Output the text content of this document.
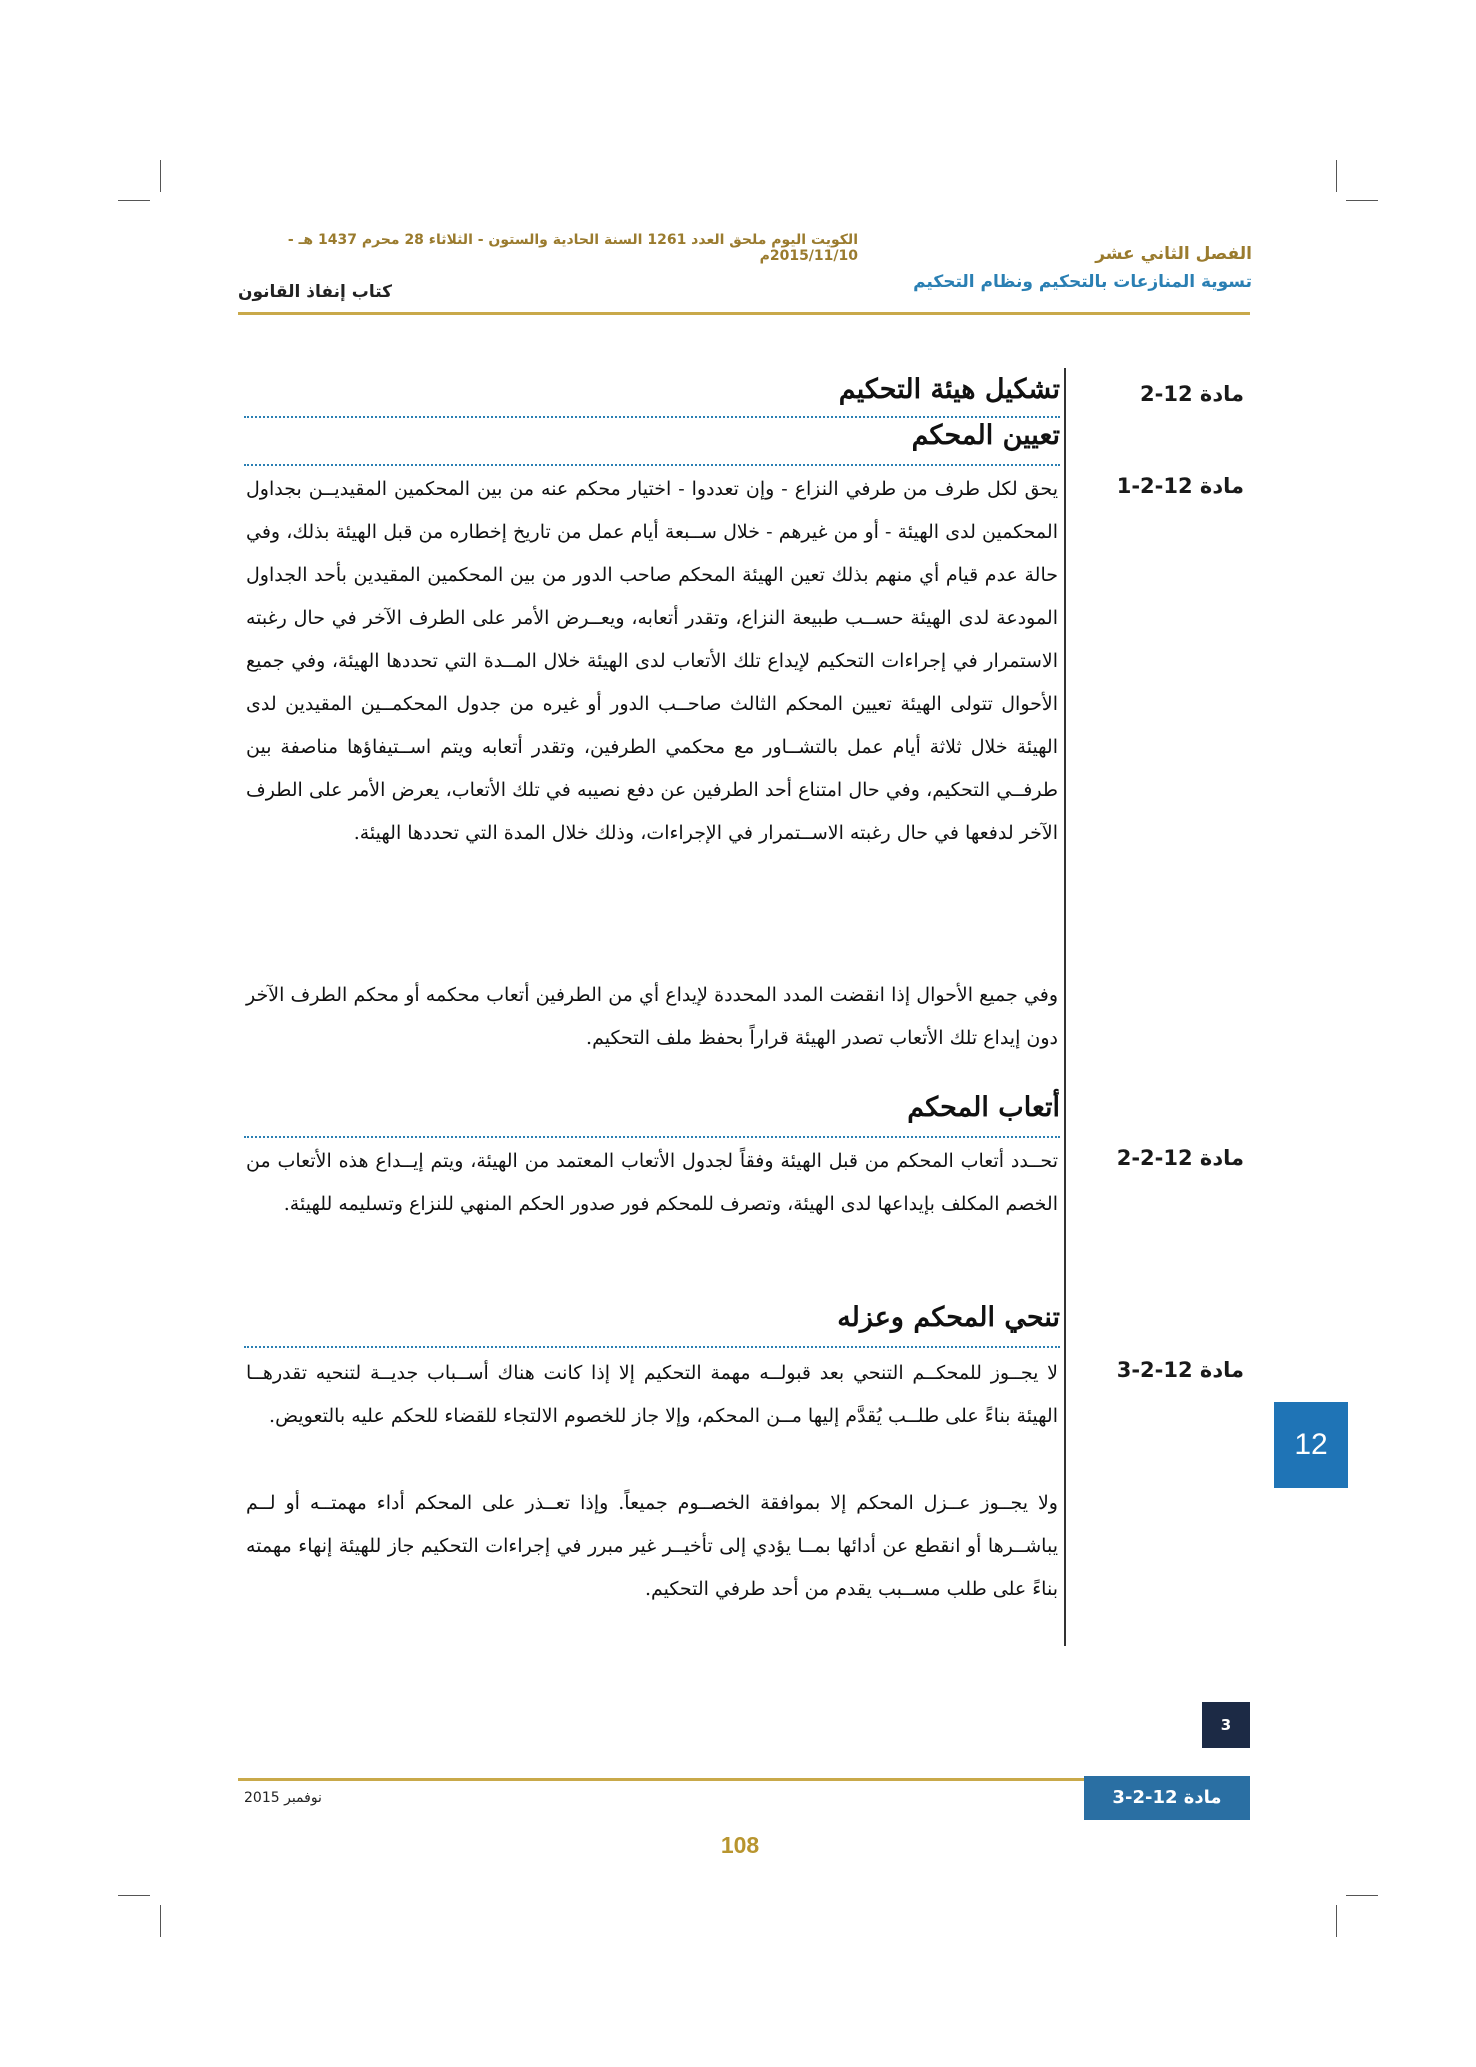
الكويت اليوم ملحق العدد 1261 السنة الحادية والستون - الثلاثاء 28 محرم 1437 هـ - 2015/11/10م	الفصل الثاني عشر
تسوية المنازعات بالتحكيم ونظام التحكيم
كتاب إنفاذ القانون
مادة 12-2
تشكيل هيئة التحكيم
تعيين المحكم
مادة 12-2-1
يحق لكل طرف من طرفي النزاع - وإن تعددوا - اختيار محكم عنه من بين المحكمين المقيديــن بجداول المحكمين لدى الهيئة - أو من غيرهم - خلال ســبعة أيام عمل من تاريخ إخطاره من قبل الهيئة بذلك، وفي حالة عدم قيام أي منهم بذلك تعين الهيئة المحكم صاحب الدور من بين المحكمين المقيدين بأحد الجداول المودعة لدى الهيئة حســب طبيعة النزاع، وتقدر أتعابه، ويعــرض الأمر على الطرف الآخر في حال رغبته الاستمرار في إجراءات التحكيم لإيداع تلك الأتعاب لدى الهيئة خلال المــدة التي تحددها الهيئة، وفي جميع الأحوال تتولى الهيئة تعيين المحكم الثالث صاحــب الدور أو غيره من جدول المحكمــين المقيدين لدى الهيئة خلال ثلاثة أيام عمل بالتشــاور مع محكمي الطرفين، وتقدر أتعابه ويتم اســتيفاؤها مناصفة بين طرفــي التحكيم، وفي حال امتناع أحد الطرفين عن دفع نصيبه في تلك الأتعاب، يعرض الأمر على الطرف الآخر لدفعها في حال رغبته الاســتمرار في الإجراءات، وذلك خلال المدة التي تحددها الهيئة.
وفي جميع الأحوال إذا انقضت المدد المحددة لإيداع أي من الطرفين أتعاب محكمه أو محكم الطرف الآخر دون إيداع تلك الأتعاب تصدر الهيئة قراراً بحفظ ملف التحكيم.
أتعاب المحكم
مادة 12-2-2
تحــدد أتعاب المحكم من قبل الهيئة وفقاً لجدول الأتعاب المعتمد من الهيئة، ويتم إيــداع هذه الأتعاب من الخصم المكلف بإيداعها لدى الهيئة، وتصرف للمحكم فور صدور الحكم المنهي للنزاع وتسليمه للهيئة.
تنحي المحكم وعزله
مادة 12-2-3
لا يجــوز للمحكــم التنحي بعد قبولــه مهمة التحكيم إلا إذا كانت هناك أســباب جديــة لتنحيه تقدرهــا الهيئة بناءً على طلــب يُقدَّم إليها مــن المحكم، وإلا جاز للخصوم الالتجاء للقضاء للحكم عليه بالتعويض.
ولا يجــوز عــزل المحكم إلا بموافقة الخصــوم جميعاً. وإذا تعــذر على المحكم أداء مهمتــه أو لــم يباشــرها أو انقطع عن أدائها بمــا يؤدي إلى تأخيــر غير مبرر في إجراءات التحكيم جاز للهيئة إنهاء مهمته بناءً على طلب مســبب يقدم من أحد طرفي التحكيم.
12
3
مادة 12-2-3
نوفمبر 2015
108
